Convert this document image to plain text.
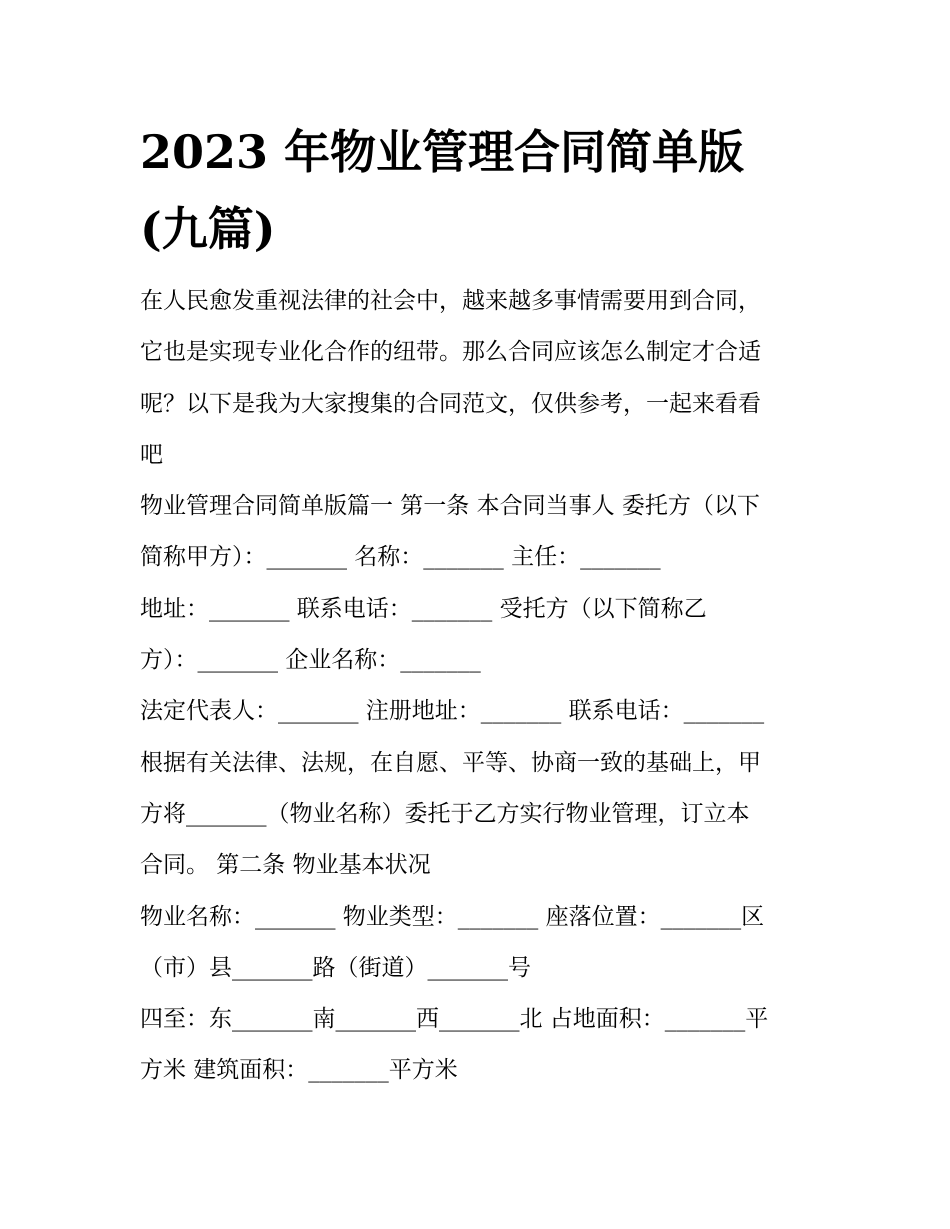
2023 年物业管理合同简单版
(九篇)
在人民愈发重视法律的社会中，越来越多事情需要用到合同，
它也是实现专业化合作的纽带。那么合同应该怎么制定才合适
呢？以下是我为大家搜集的合同范文，仅供参考，一起来看看
吧
物业管理合同简单版篇一 第一条 本合同当事人 委托方（以下
简称甲方）：_______ 名称：_______ 主任：_______
地址：_______ 联系电话：_______ 受托方（以下简称乙
方）：_______ 企业名称：_______
法定代表人：_______ 注册地址：_______ 联系电话：_______
根据有关法律、法规，在自愿、平等、协商一致的基础上，甲
方将_______（物业名称）委托于乙方实行物业管理，订立本
合同。 第二条 物业基本状况
物业名称：_______ 物业类型：_______ 座落位置：_______区
（市）县_______路（街道）_______号
四至：东_______南_______西_______北 占地面积：_______平
方米 建筑面积：_______平方米
